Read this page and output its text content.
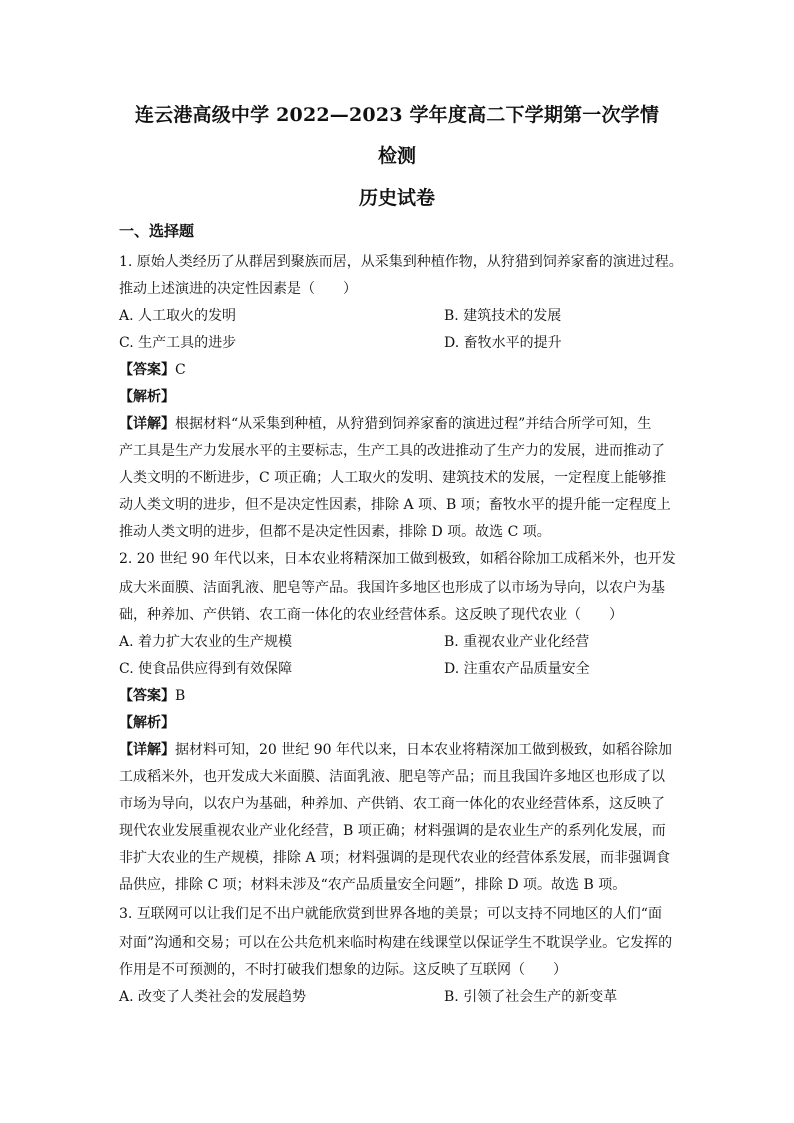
连云港高级中学 2022—2023 学年度高二下学期第一次学情
检测
历史试卷
一、选择题
1. 原始人类经历了从群居到聚族而居，从采集到种植作物，从狩猎到饲养家畜的演进过程。
推动上述演进的决定性因素是（　　）
A. 人工取火的发明	B. 建筑技术的发展
C. 生产工具的进步	D. 畜牧水平的提升
【答案】C
【解析】
【详解】根据材料“从采集到种植，从狩猎到饲养家畜的演进过程”并结合所学可知，生
产工具是生产力发展水平的主要标志，生产工具的改进推动了生产力的发展，进而推动了
人类文明的不断进步，C 项正确；人工取火的发明、建筑技术的发展，一定程度上能够推
动人类文明的进步，但不是决定性因素，排除 A 项、B 项；畜牧水平的提升能一定程度上
推动人类文明的进步，但都不是决定性因素，排除 D 项。故选 C 项。
2. 20 世纪 90 年代以来，日本农业将精深加工做到极致，如稻谷除加工成稻米外，也开发
成大米面膜、洁面乳液、肥皂等产品。我国许多地区也形成了以市场为导向，以农户为基
础，种养加、产供销、农工商一体化的农业经营体系。这反映了现代农业（　　）
A. 着力扩大农业的生产规模	B. 重视农业产业化经营
C. 使食品供应得到有效保障	D. 注重农产品质量安全
【答案】B
【解析】
【详解】据材料可知，20 世纪 90 年代以来，日本农业将精深加工做到极致，如稻谷除加
工成稻米外，也开发成大米面膜、洁面乳液、肥皂等产品；而且我国许多地区也形成了以
市场为导向，以农户为基础，种养加、产供销、农工商一体化的农业经营体系，这反映了
现代农业发展重视农业产业化经营，B 项正确；材料强调的是农业生产的系列化发展，而
非扩大农业的生产规模，排除 A 项；材料强调的是现代农业的经营体系发展，而非强调食
品供应，排除 C 项；材料未涉及“农产品质量安全问题”，排除 D 项。故选 B 项。
3. 互联网可以让我们足不出户就能欣赏到世界各地的美景；可以支持不同地区的人们“面
对面”沟通和交易；可以在公共危机来临时构建在线课堂以保证学生不耽误学业。它发挥的
作用是不可预测的，不时打破我们想象的边际。这反映了互联网（　　）
A. 改变了人类社会的发展趋势	B. 引领了社会生产的新变革
